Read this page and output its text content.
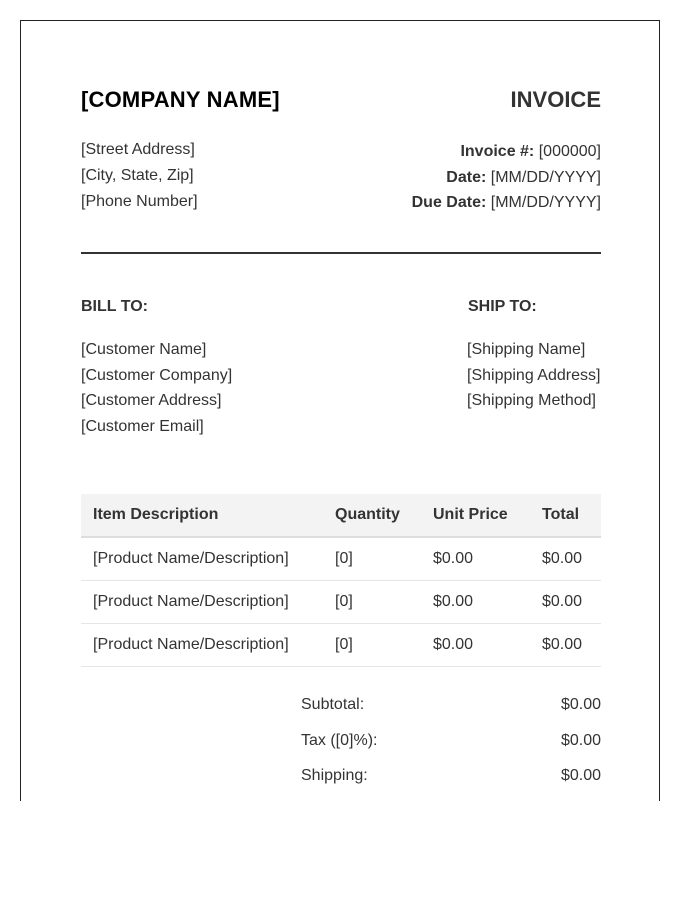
[COMPANY NAME]	INVOICE
[Street Address]
[City, State, Zip]
[Phone Number]
Invoice #: [000000]
Date: [MM/DD/YYYY]
Due Date: [MM/DD/YYYY]
BILL TO:	SHIP TO:
[Customer Name]
[Customer Company]
[Customer Address]
[Customer Email]
[Shipping Name]
[Shipping Address]
[Shipping Method]
Item Description	Quantity	Unit Price	Total
[Product Name/Description]	[0]	$0.00	$0.00
[Product Name/Description]	[0]	$0.00	$0.00
[Product Name/Description]	[0]	$0.00	$0.00
Subtotal:	$0.00
Tax ([0]%):	$0.00
Shipping:	$0.00
